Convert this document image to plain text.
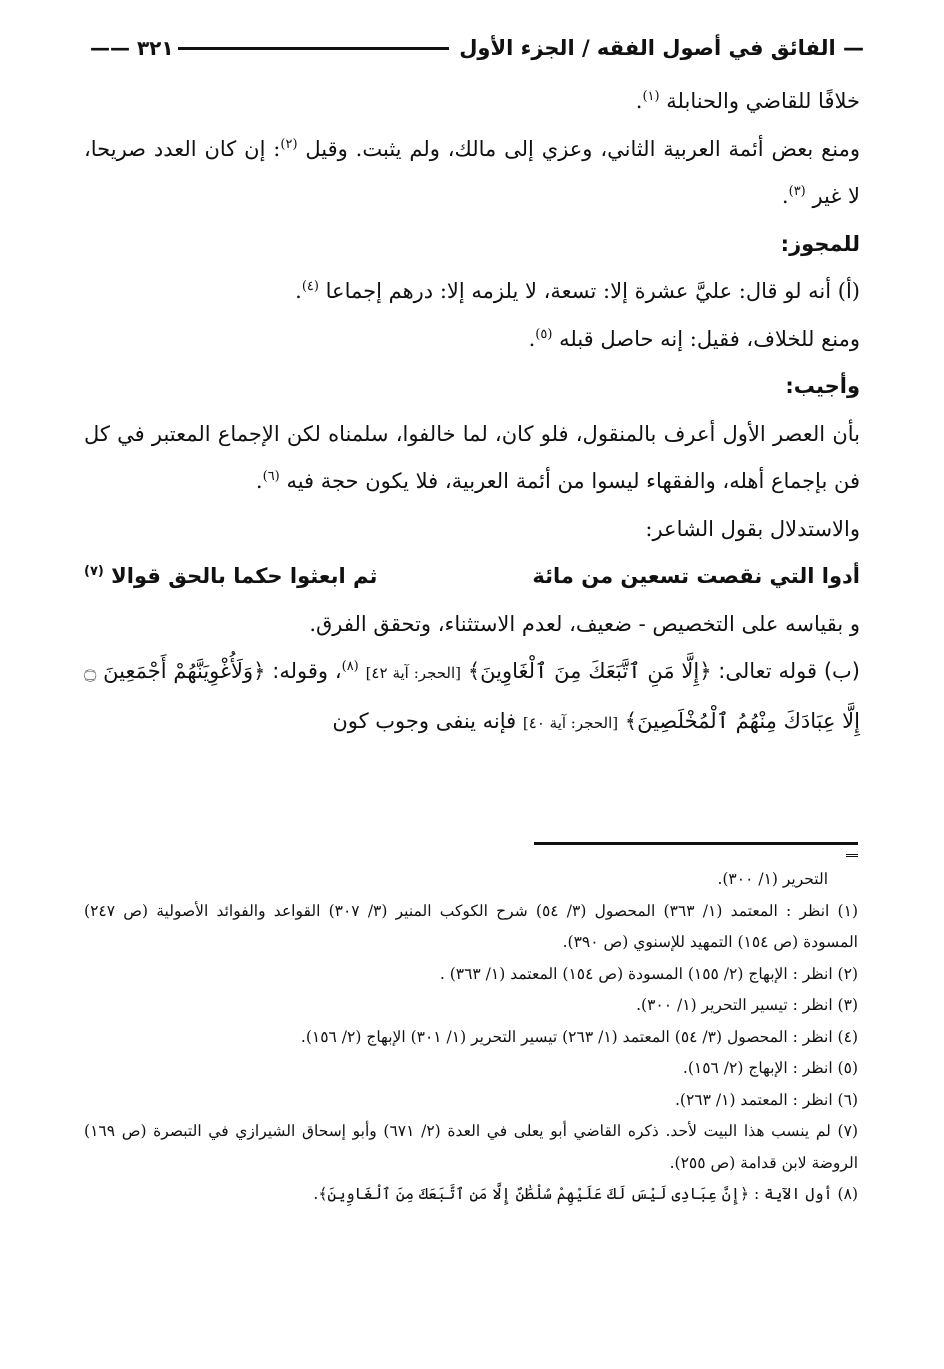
— الفائق في أصول الفقه / الجزء الأول
٣٢١ ——

خلافًا للقاضي والحنابلة $^{(١)}$.

ومنع بعض أئمة العربية الثاني، وعزي إلى مالك، ولم يثبت. وقيل $^{(٢)}$: إن كان العدد صريحا، لا غير $^{(٣)}$.

للمجوز:

(أ) أنه لو قال: عليَّ عشرة إلا: تسعة، لا يلزمه إلا: درهم إجماعا $^{(٤)}$.

ومنع للخلاف، فقيل: إنه حاصل قبله $^{(٥)}$.

وأجيب:

بأن العصر الأول أعرف بالمنقول، فلو كان، لما خالفوا، سلمناه لكن الإجماع المعتبر في كل فن بإجماع أهله، والفقهاء ليسوا من أئمة العربية، فلا يكون حجة فيه $^{(٦)}$.

والاستدلال بقول الشاعر:

أدوا التي نقصت تسعين من مائة
ثم ابعثوا حكما بالحق قوالا $^{(٧)}$

و بقياسه على التخصيص - ضعيف، لعدم الاستثناء، وتحقق الفرق.

(ب) قوله تعالى: ﴿إِلَّا مَنِ ٱتَّبَعَكَ مِنَ ٱلْغَاوِينَ﴾ [الحجر: آية ٤٢] $^{(٨)}$، وقوله: ﴿وَلَأُغْوِيَنَّهُمْ أَجْمَعِينَ ۝ إِلَّا عِبَادَكَ مِنْهُمُ ٱلْمُخْلَصِينَ﴾ [الحجر: آية ٤٠] فإنه ينفى وجوب كون

التحرير (١/ ٣٠٠).

(١) انظر : المعتمد (١/ ٣٦٣) المحصول (٣/ ٥٤) شرح الكوكب المنير (٣/ ٣٠٧) القواعد والفوائد الأصولية (ص ٢٤٧) المسودة (ص ١٥٤) التمهيد للإسنوي (ص ٣٩٠).

(٢) انظر : الإبهاج (٢/ ١٥٥) المسودة (ص ١٥٤) المعتمد (١/ ٣٦٣) .

(٣) انظر : تيسير التحرير (١/ ٣٠٠).

(٤) انظر : المحصول (٣/ ٥٤) المعتمد (١/ ٢٦٣) تيسير التحرير (١/ ٣٠١) الإبهاج (٢/ ١٥٦).

(٥) انظر : الإبهاج (٢/ ١٥٦).

(٦) انظر : المعتمد (١/ ٢٦٣).

(٧) لم ينسب هذا البيت لأحد. ذكره القاضي أبو يعلى في العدة (٢/ ٦٧١) وأبو إسحاق الشيرازي في التبصرة (ص ١٦٩) الروضة لابن قدامة (ص ٢٥٥).

(٨) أول الآية : ﴿إِنَّ عِبَادِى لَيْسَ لَكَ عَلَيْهِمْ سُلْطَٰنٌ إِلَّا مَنِ ٱتَّبَعَكَ مِنَ ٱلْغَاوِينَ﴾.
